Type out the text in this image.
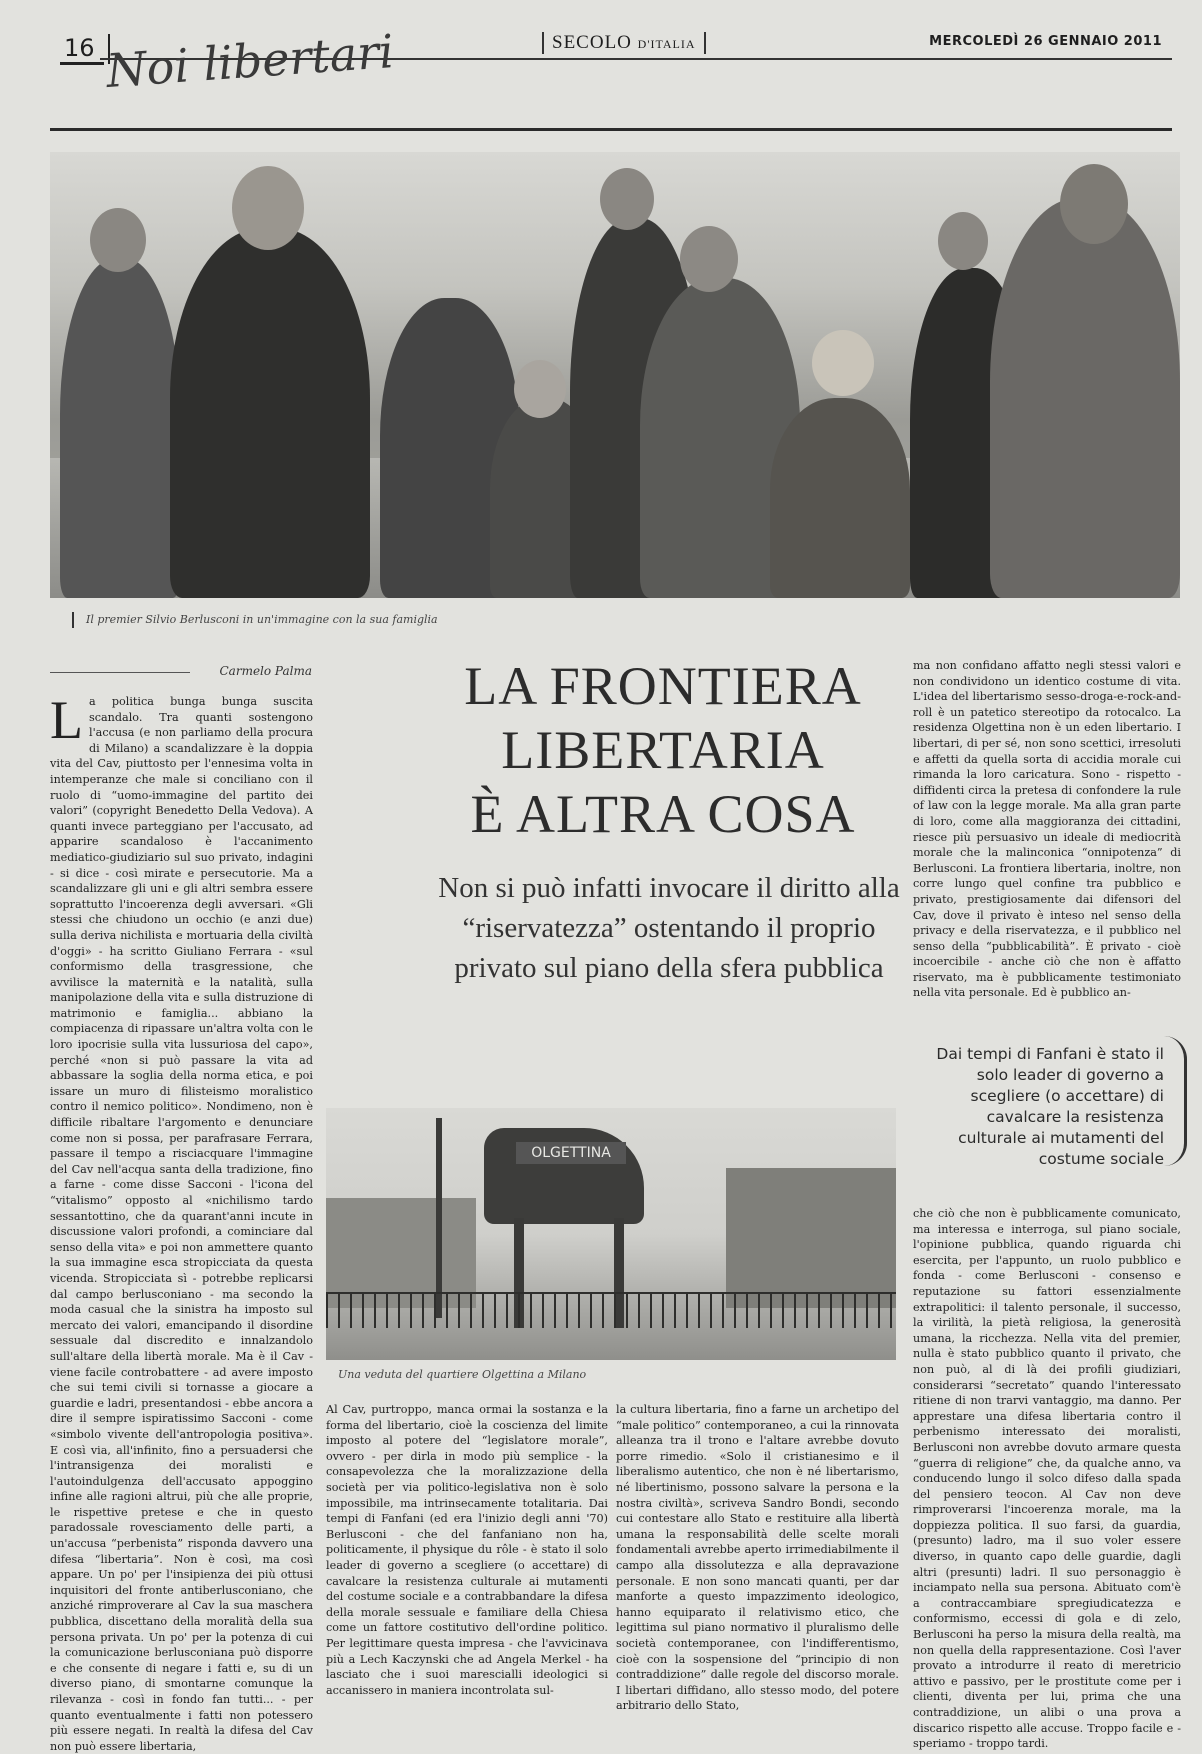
16	SECOLO D'ITALIA	MERCOLEDÌ 26 GENNAIO 2011
Noi libertari
Il premier Silvio Berlusconi in un'immagine con la sua famiglia
Carmelo Palma	LA FRONTIERA
LIBERTARIA
È ALTRA COSA
Non si può infatti invocare il diritto alla “riservatezza” ostentando il proprio privato sul piano della sfera pubblica
La politica bunga bunga suscita scandalo. Tra quanti sostengono l'accusa (e non parliamo della procura di Milano) a scandalizzare è la doppia vita del Cav, piuttosto per l'ennesima volta in intemperanze che male si conciliano con il ruolo di “uomo-immagine del partito dei valori” (copyright Benedetto Della Vedova). A quanti invece parteggiano per l'accusato, ad apparire scandaloso è l'accanimento mediatico-giudiziario sul suo privato, indagini - si dice - così mirate e persecutorie. Ma a scandalizzare gli uni e gli altri sembra essere soprattutto l'incoerenza degli avversari. «Gli stessi che chiudono un occhio (e anzi due) sulla deriva nichilista e mortuaria della civiltà d'oggi» - ha scritto Giuliano Ferrara - «sul conformismo della trasgressione, che avvilisce la maternità e la natalità, sulla manipolazione della vita e sulla distruzione di matrimonio e famiglia... abbiano la compiacenza di ripassare un'altra volta con le loro ipocrisie sulla vita lussuriosa del capo», perché «non si può passare la vita ad abbassare la soglia della norma etica, e poi issare un muro di filisteismo moralistico contro il nemico politico». Nondimeno, non è difficile ribaltare l'argomento e denunciare come non si possa, per parafrasare Ferrara, passare il tempo a risciacquare l'immagine del Cav nell'acqua santa della tradizione, fino a farne - come disse Sacconi - l'icona del “vitalismo” opposto al «nichilismo tardo sessantottino, che da quarant'anni incute in discussione valori profondi, a cominciare dal senso della vita» e poi non ammettere quanto la sua immagine esca stropicciata da questa vicenda. Stropicciata sì - potrebbe replicarsi dal campo berlusconiano - ma secondo la moda casual che la sinistra ha imposto sul mercato dei valori, emancipando il disordine sessuale dal discredito e innalzandolo sull'altare della libertà morale. Ma è il Cav - viene facile controbattere - ad avere imposto che sui temi civili si tornasse a giocare a guardie e ladri, presentandosi - ebbe ancora a dire il sempre ispiratissimo Sacconi - come «simbolo vivente dell'antropologia positiva». E così via, all'infinito, fino a persuadersi che l'intransigenza dei moralisti e l'autoindulgenza dell'accusato appoggino infine alle ragioni altrui, più che alle proprie, le rispettive pretese e che in questo paradossale rovesciamento delle parti, a un'accusa “perbenista” risponda davvero una difesa “libertaria”. Non è così, ma così appare. Un po' per l'insipienza dei più ottusi inquisitori del fronte antiberlusconiano, che anziché rimproverare al Cav la sua maschera pubblica, discettano della moralità della sua persona privata. Un po' per la potenza di cui la comunicazione berlusconiana può disporre e che consente di negare i fatti e, su di un diverso piano, di smontarne comunque la rilevanza - così in fondo fan tutti... - per quanto eventualmente i fatti non potessero più essere negati. In realtà la difesa del Cav non può essere libertaria,
ma non confidano affatto negli stessi valori e non condividono un identico costume di vita. L'idea del libertarismo sesso-droga-e-rock-and-roll è un patetico stereotipo da rotocalco. La residenza Olgettina non è un eden libertario. I libertari, di per sé, non sono scettici, irresoluti e affetti da quella sorta di accidia morale cui rimanda la loro caricatura. Sono - rispetto - diffidenti circa la pretesa di confondere la rule of law con la legge morale. Ma alla gran parte di loro, come alla maggioranza dei cittadini, riesce più persuasivo un ideale di mediocrità morale che la malinconica “onnipotenza” di Berlusconi. La frontiera libertaria, inoltre, non corre lungo quel confine tra pubblico e privato, prestigiosamente dai difensori del Cav, dove il privato è inteso nel senso della privacy e della riservatezza, e il pubblico nel senso della “pubblicabilità”. È privato - cioè incoercibile - anche ciò che non è affatto riservato, ma è pubblicamente testimoniato nella vita personale. Ed è pubblico an-
Dai tempi di Fanfani è stato il solo leader di governo a scegliere (o accettare) di cavalcare la resistenza culturale ai mutamenti del costume sociale
OLGETTINA
Una veduta del quartiere Olgettina a Milano
Al Cav, purtroppo, manca ormai la sostanza e la forma del libertario, cioè la coscienza del limite imposto al potere del “legislatore morale”, ovvero - per dirla in modo più semplice - la consapevolezza che la moralizzazione della società per via politico-legislativa non è solo impossibile, ma intrinsecamente totalitaria. Dai tempi di Fanfani (ed era l'inizio degli anni '70) Berlusconi - che del fanfaniano non ha, politicamente, il physique du rôle - è stato il solo leader di governo a scegliere (o accettare) di cavalcare la resistenza culturale ai mutamenti del costume sociale e a contrabbandare la difesa della morale sessuale e familiare della Chiesa come un fattore costitutivo dell'ordine politico. Per legittimare questa impresa - che l'avvicinava più a Lech Kaczynski che ad Angela Merkel - ha lasciato che i suoi marescialli ideologici si accanissero in maniera incontrolata sul-
la cultura libertaria, fino a farne un archetipo del “male politico” contemporaneo, a cui la rinnovata alleanza tra il trono e l'altare avrebbe dovuto porre rimedio. «Solo il cristianesimo e il liberalismo autentico, che non è né libertarismo, né libertinismo, possono salvare la persona e la nostra civiltà», scriveva Sandro Bondi, secondo cui contestare allo Stato e restituire alla libertà umana la responsabilità delle scelte morali fondamentali avrebbe aperto irrimediabilmente il campo alla dissolutezza e alla depravazione personale. E non sono mancati quanti, per dar manforte a questo impazzimento ideologico, hanno equiparato il relativismo etico, che legittima sul piano normativo il pluralismo delle società contemporanee, con l'indifferentismo, cioè con la sospensione del “principio di non contraddizione” dalle regole del discorso morale. I libertari diffidano, allo stesso modo, del potere arbitrario dello Stato,
che ciò che non è pubblicamente comunicato, ma interessa e interroga, sul piano sociale, l'opinione pubblica, quando riguarda chi esercita, per l'appunto, un ruolo pubblico e fonda - come Berlusconi - consenso e reputazione su fattori essenzialmente extrapolitici: il talento personale, il successo, la virilità, la pietà religiosa, la generosità umana, la ricchezza. Nella vita del premier, nulla è stato pubblico quanto il privato, che non può, al di là dei profili giudiziari, considerarsi “secretato” quando l'interessato ritiene di non trarvi vantaggio, ma danno. Per apprestare una difesa libertaria contro il perbenismo interessato dei moralisti, Berlusconi non avrebbe dovuto armare questa “guerra di religione” che, da qualche anno, va conducendo lungo il solco difeso dalla spada del pensiero teocon. Al Cav non deve rimproverarsi l'incoerenza morale, ma la doppiezza politica. Il suo farsi, da guardia, (presunto) ladro, ma il suo voler essere diverso, in quanto capo delle guardie, dagli altri (presunti) ladri. Il suo personaggio è inciampato nella sua persona. Abituato com'è a contraccambiare spregiudicatezza e conformismo, eccessi di gola e di zelo, Berlusconi ha perso la misura della realtà, ma non quella della rappresentazione. Così l'aver provato a introdurre il reato di meretricio attivo e passivo, per le prostitute come per i clienti, diventa per lui, prima che una contraddizione, un alibi o una prova a discarico rispetto alle accuse. Troppo facile e - speriamo - troppo tardi.
